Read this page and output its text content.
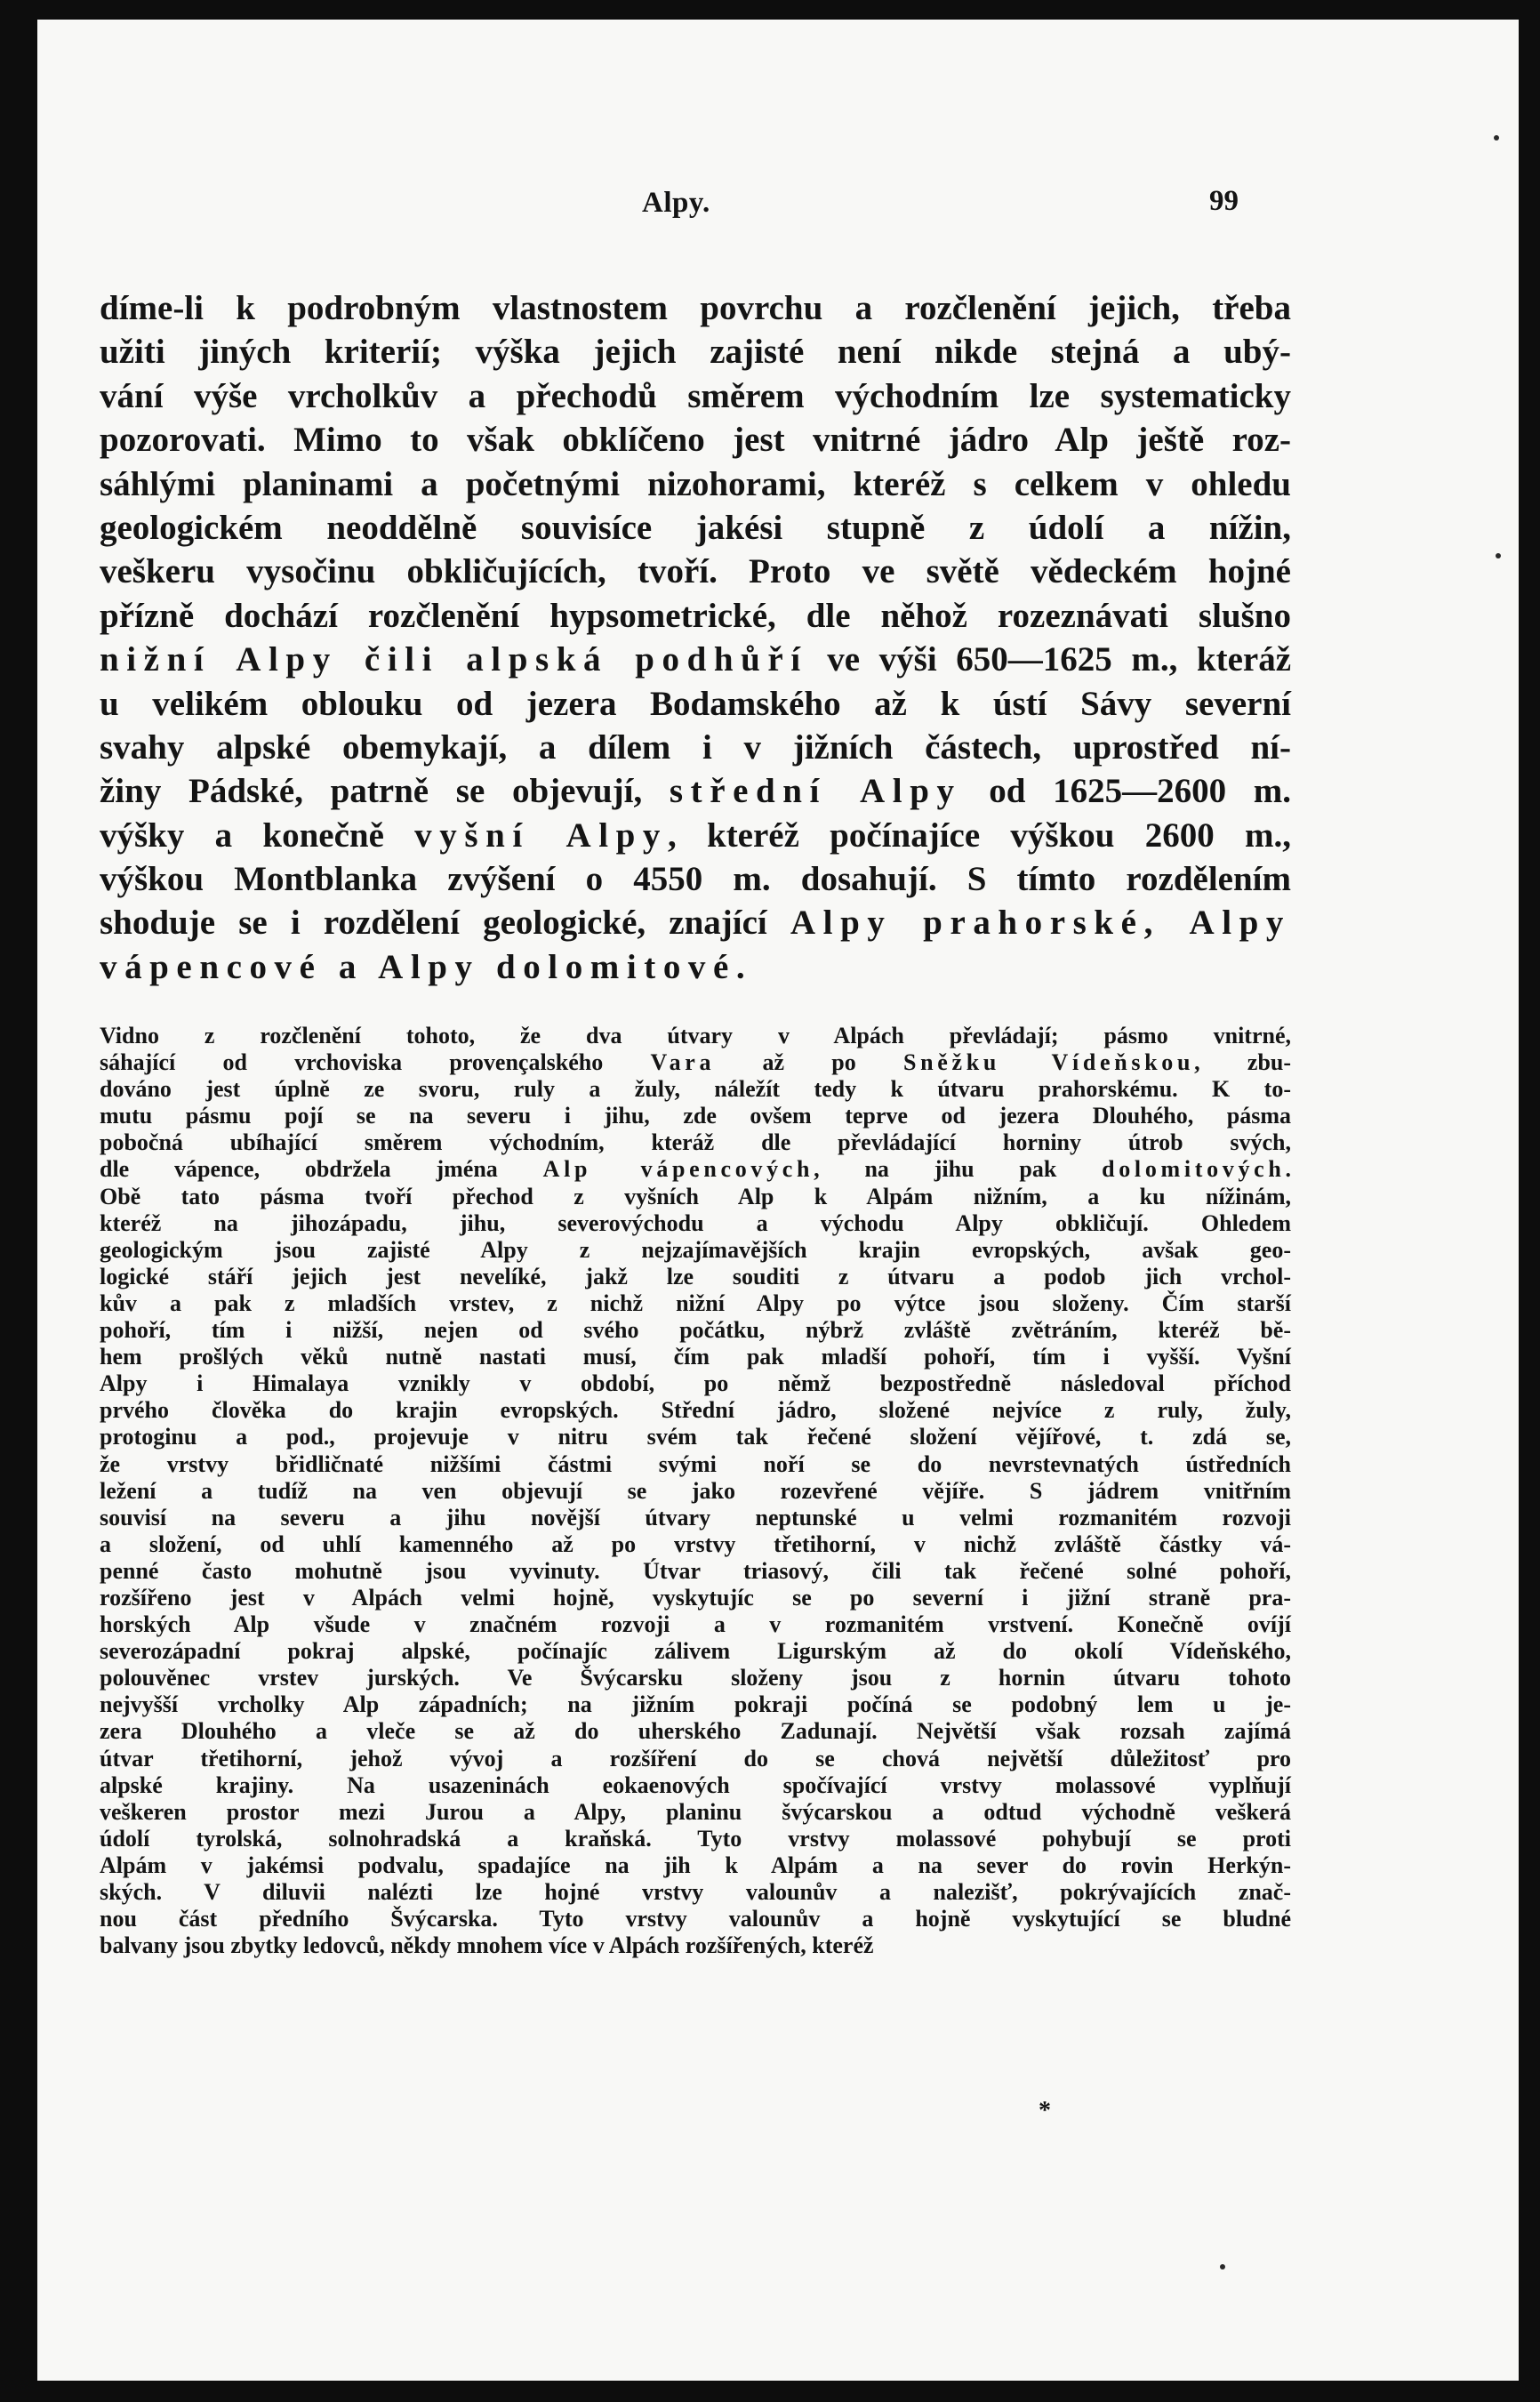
Alpy.	99
díme-li k podrobným vlastnostem povrchu a rozčlenění jejich, třeba
užiti jiných kriterií; výška jejich zajisté není nikde stejná a ubý-
vání výše vrcholkův a přechodů směrem východním lze systematicky
pozorovati. Mimo to však obklíčeno jest vnitrné jádro Alp ještě roz-
sáhlými planinami a početnými nizohorami, kteréž s celkem v ohledu
geologickém neoddělně souvisíce jakési stupně z údolí a nížin,
veškeru vysočinu obkličujících, tvoří. Proto ve světě vědeckém hojné
přízně dochází rozčlenění hypsometrické, dle něhož rozeznávati slušno
nižní Alpy čili alpská podhůří ve výši 650—1625 m., kteráž
u velikém oblouku od jezera Bodamského až k ústí Sávy severní
svahy alpské obemykají, a dílem i v jižních částech, uprostřed ní-
žiny Pádské, patrně se objevují, střední Alpy od 1625—2600 m.
výšky a konečně vyšní Alpy, kteréž počínajíce výškou 2600 m.,
výškou Montblanka zvýšení o 4550 m. dosahují. S tímto rozdělením
shoduje se i rozdělení geologické, znající Alpy prahorské, Alpy
vápencové a Alpy dolomitové.
Vidno z rozčlenění tohoto, že dva útvary v Alpách převládají; pásmo vnitrné,
sáhající od vrchoviska provençalského Vara až po Sněžku Vídeňskou, zbu-
dováno jest úplně ze svoru, ruly a žuly, náležít tedy k útvaru prahorskému. K to-
mutu pásmu pojí se na severu i jihu, zde ovšem teprve od jezera Dlouhého, pásma
pobočná ubíhající směrem východním, kteráž dle převládající horniny útrob svých,
dle vápence, obdržela jména Alp vápencových, na jihu pak dolomitových.
Obě tato pásma tvoří přechod z vyšních Alp k Alpám nižním, a ku nížinám,
kteréž na jihozápadu, jihu, severovýchodu a východu Alpy obkličují. Ohledem
geologickým jsou zajisté Alpy z nejzajímavějších krajin evropských, avšak geo-
logické stáří jejich jest nevelíké, jakž lze souditi z útvaru a podob jich vrchol-
kův a pak z mladších vrstev, z nichž nižní Alpy po výtce jsou složeny. Čím starší
pohoří, tím i nižší, nejen od svého počátku, nýbrž zvláště zvětráním, kteréž bě-
hem prošlých věků nutně nastati musí, čím pak mladší pohoří, tím i vyšší. Vyšní
Alpy i Himalaya vznikly v období, po němž bezpostředně následoval příchod
prvého člověka do krajin evropských. Střední jádro, složené nejvíce z ruly, žuly,
protoginu a pod., projevuje v nitru svém tak řečené složení vějířové, t. zdá se,
že vrstvy břidličnaté nižšími částmi svými noří se do nevrstevnatých ústředních
ležení a tudíž na ven objevují se jako rozevřené vějíře. S jádrem vnitřním
souvisí na severu a jihu novější útvary neptunské u velmi rozmanitém rozvoji
a složení, od uhlí kamenného až po vrstvy třetihorní, v nichž zvláště částky vá-
penné často mohutně jsou vyvinuty. Útvar triasový, čili tak řečené solné pohoří,
rozšířeno jest v Alpách velmi hojně, vyskytujíc se po severní i jižní straně pra-
horských Alp všude v značném rozvoji a v rozmanitém vrstvení. Konečně ovíjí
severozápadní pokraj alpské, počínajíc zálivem Ligurským až do okolí Vídeňského,
polouvěnec vrstev jurských. Ve Švýcarsku složeny jsou z hornin útvaru tohoto
nejvyšší vrcholky Alp západních; na jižním pokraji počíná se podobný lem u je-
zera Dlouhého a vleče se až do uherského Zadunají. Největší však rozsah zajímá
útvar třetihorní, jehož vývoj a rozšíření do se chová největší důležitosť pro
alpské krajiny. Na usazeninách eokaenových spočívající vrstvy molassové vyplňují
veškeren prostor mezi Jurou a Alpy, planinu švýcarskou a odtud východně veškerá
údolí tyrolská, solnohradská a kraňská. Tyto vrstvy molassové pohybují se proti
Alpám v jakémsi podvalu, spadajíce na jih k Alpám a na sever do rovin Herkýn-
ských. V diluvii nalézti lze hojné vrstvy valounův a nalezišť, pokrývajících znač-
nou část předního Švýcarska. Tyto vrstvy valounův a hojně vyskytující se bludné
balvany jsou zbytky ledovců, někdy mnohem více v Alpách rozšířených, kteréž
*
